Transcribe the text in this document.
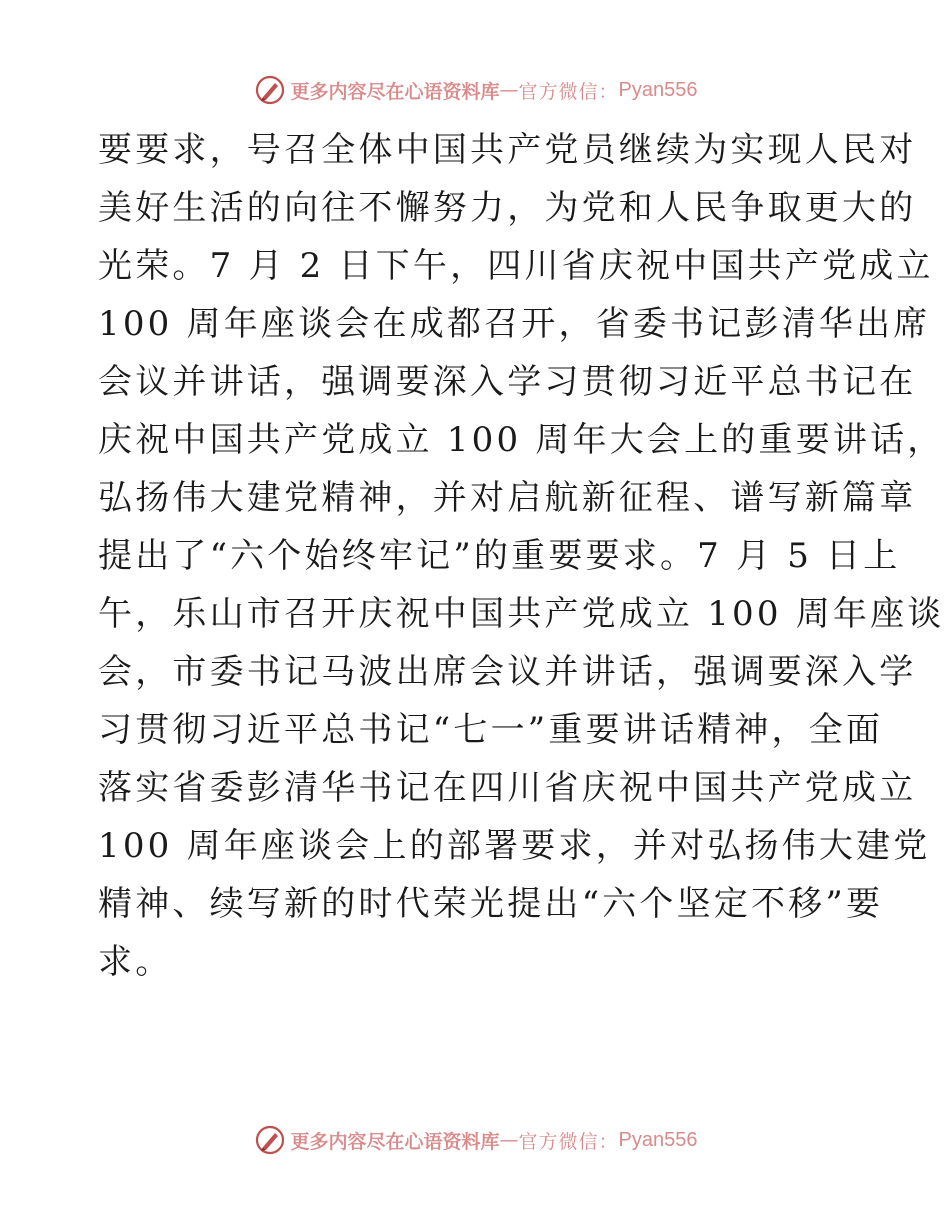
更多内容尽在心语资料库 — 官方微信： Pyan556
要要求，号召全体中国共产党员继续为实现人民对
美好生活的向往不懈努力，为党和人民争取更大的
光荣。7 月 2 日下午，四川省庆祝中国共产党成立
100 周年座谈会在成都召开，省委书记彭清华出席
会议并讲话，强调要深入学习贯彻习近平总书记在
庆祝中国共产党成立 100 周年大会上的重要讲话，
弘扬伟大建党精神，并对启航新征程、谱写新篇章
提出了“六个始终牢记”的重要要求。7 月 5 日上
午，乐山市召开庆祝中国共产党成立 100 周年座谈
会，市委书记马波出席会议并讲话，强调要深入学
习贯彻习近平总书记“七一”重要讲话精神，全面
落实省委彭清华书记在四川省庆祝中国共产党成立
100 周年座谈会上的部署要求，并对弘扬伟大建党
精神、续写新的时代荣光提出“六个坚定不移”要
求。
更多内容尽在心语资料库 — 官方微信： Pyan556
